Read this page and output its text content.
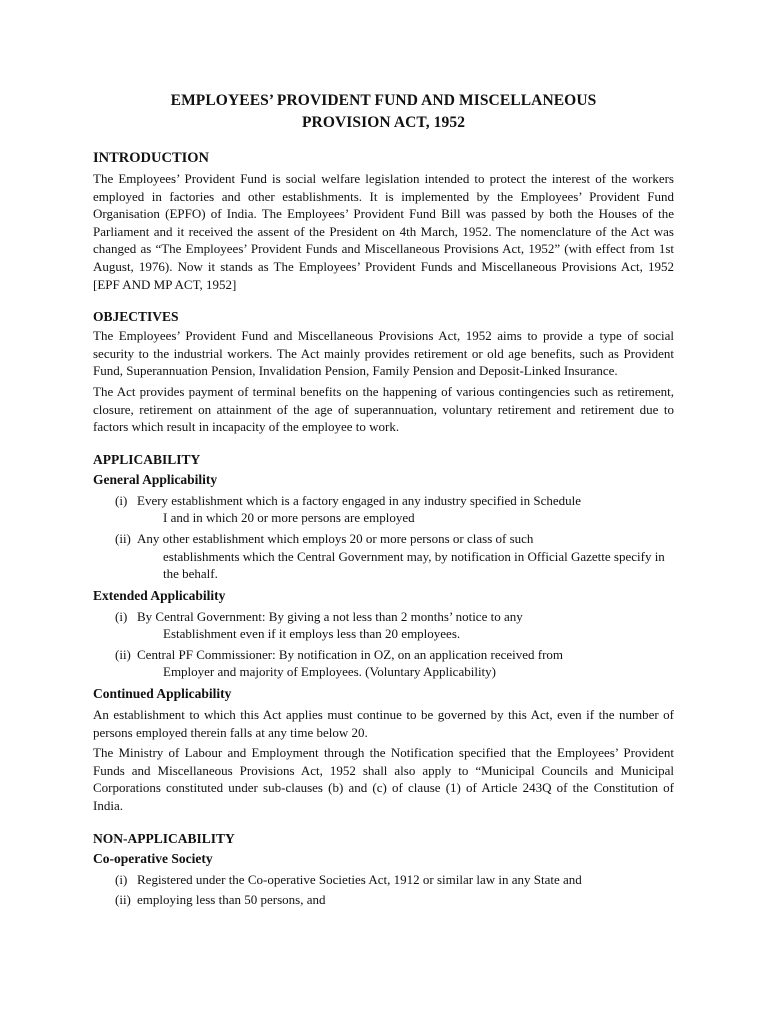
EMPLOYEES’ PROVIDENT FUND AND MISCELLANEOUS
PROVISION ACT, 1952
INTRODUCTION

The Employees’ Provident Fund is social welfare legislation intended to protect the interest of the workers employed in factories and other establishments. It is implemented by the Employees’ Provident Fund Organisation (EPFO) of India. The Employees’ Provident Fund Bill was passed by both the Houses of the Parliament and it received the assent of the President on 4th March, 1952. The nomenclature of the Act was changed as “The Employees’ Provident Funds and Miscellaneous Provisions Act, 1952” (with effect from 1st August, 1976). Now it stands as The Employees’ Provident Funds and Miscellaneous Provisions Act, 1952 [EPF AND MP ACT, 1952]

OBJECTIVES

The Employees’ Provident Fund and Miscellaneous Provisions Act, 1952 aims to provide a type of social security to the industrial workers. The Act mainly provides retirement or old age benefits, such as Provident Fund, Superannuation Pension, Invalidation Pension, Family Pension and Deposit-Linked Insurance.

The Act provides payment of terminal benefits on the happening of various contingencies such as retirement, closure, retirement on attainment of the age of superannuation, voluntary retirement and retirement due to factors which result in incapacity of the employee to work.

APPLICABILITY
General Applicability
(i) Every establishment which is a factory engaged in any industry specified in Schedule
I and in which 20 or more persons are employed
(ii) Any other establishment which employs 20 or more persons or class of such
establishments which the Central Government may, by notification in Official Gazette specify in the behalf.
Extended Applicability
(i) By Central Government: By giving a not less than 2 months’ notice to any
Establishment even if it employs less than 20 employees.
(ii) Central PF Commissioner: By notification in OZ, on an application received from
Employer and majority of Employees. (Voluntary Applicability)
Continued Applicability

An establishment to which this Act applies must continue to be governed by this Act, even if the number of persons employed therein falls at any time below 20.

The Ministry of Labour and Employment through the Notification specified that the Employees’ Provident Funds and Miscellaneous Provisions Act, 1952 shall also apply to “Municipal Councils and Municipal Corporations constituted under sub-clauses (b) and (c) of clause (1) of Article 243Q of the Constitution of India.

NON-APPLICABILITY
Co-operative Society
(i) Registered under the Co-operative Societies Act, 1912 or similar law in any State and
(ii) employing less than 50 persons, and
